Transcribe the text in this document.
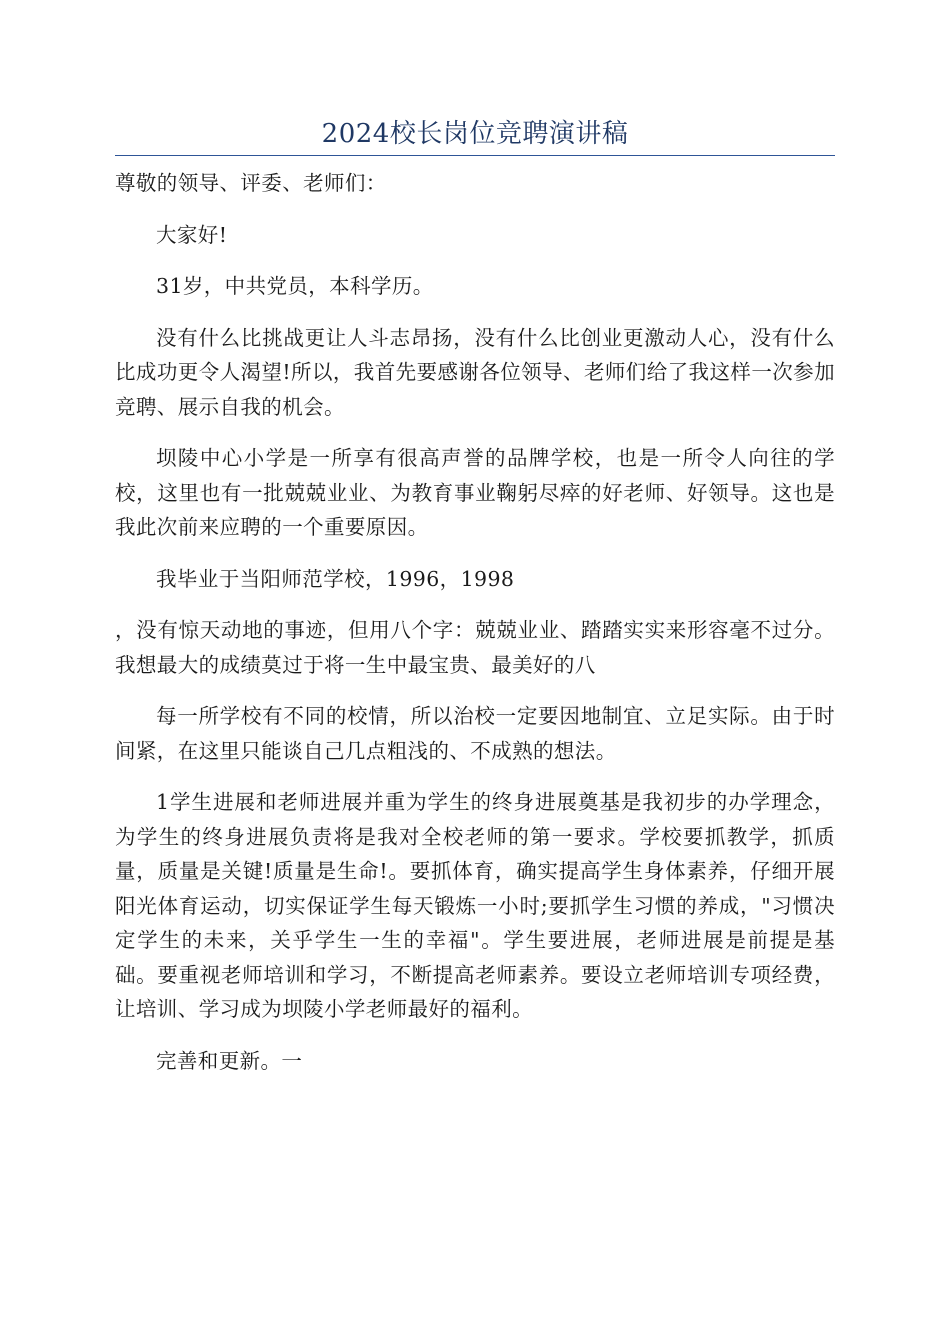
2024校长岗位竞聘演讲稿
尊敬的领导、评委、老师们：

大家好!

31岁，中共党员，本科学历。

没有什么比挑战更让人斗志昂扬，没有什么比创业更激动人心，没有什么比成功更令人渴望!所以，我首先要感谢各位领导、老师们给了我这样一次参加竞聘、展示自我的机会。

坝陵中心小学是一所享有很高声誉的品牌学校，也是一所令人向往的学校，这里也有一批兢兢业业、为教育事业鞠躬尽瘁的好老师、好领导。这也是我此次前来应聘的一个重要原因。

我毕业于当阳师范学校，1996，1998

，没有惊天动地的事迹，但用八个字：兢兢业业、踏踏实实来形容毫不过分。我想最大的成绩莫过于将一生中最宝贵、最美好的八

每一所学校有不同的校情，所以治校一定要因地制宜、立足实际。由于时间紧，在这里只能谈自己几点粗浅的、不成熟的想法。

1学生进展和老师进展并重为学生的终身进展奠基是我初步的办学理念，为学生的终身进展负责将是我对全校老师的第一要求。学校要抓教学，抓质量，质量是关键!质量是生命!。要抓体育，确实提高学生身体素养，仔细开展阳光体育运动，切实保证学生每天锻炼一小时;要抓学生习惯的养成，"习惯决定学生的未来，关乎学生一生的幸福"。学生要进展，老师进展是前提是基础。要重视老师培训和学习，不断提高老师素养。要设立老师培训专项经费，让培训、学习成为坝陵小学老师最好的福利。

完善和更新。一
